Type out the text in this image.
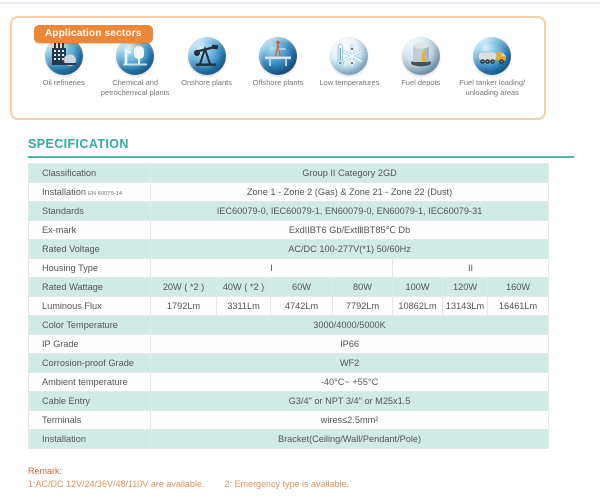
Application sectors
Oil refineries	Chemical and petrochemical plants
Onshore plants	Offshore plants	Low temperatures	Fuel depots	Fuel tanker loading/ unloading areas
SPECIFICATION
Classification	Group II Category 2GD						
Installation EN 60079-14	Zone 1 - Zone 2 (Gas) & Zone 21 - Zone 22 (Dust)						
Standards	IEC60079-0, IEC60079-1, EN60079-0, EN60079-1, IEC60079-31						
Ex-mark	ExdIIBT6 Gb/ExtⅢBT85℃ Db						
Rated Voltage	AC/DC 100-277V(*1) 50/60Hz						
Housing Type	I				II		
Rated Wattage	20W ( *2 )	40W ( *2 )	60W	80W	100W	120W	160W
Luminous Flux	1792Lm	3311Lm	4742Lm	7792Lm	10862Lm	13143Lm	16461Lm
Color Temperature	3000/4000/5000K						
IP Grade	IP66						
Corrosion-proof Grade	WF2						
Ambient temperature	-40°C~ +55°C						
Cable Entry	G3/4" or NPT 3/4" or M25x1.5						
Terminals	wires≤2.5mm²						
Installation	Bracket(Ceiling/Wall/Pendant/Pole)						
Remark:
1:AC/DC 12V/24/36V/48/110V are available. 2: Emergency type is available.
